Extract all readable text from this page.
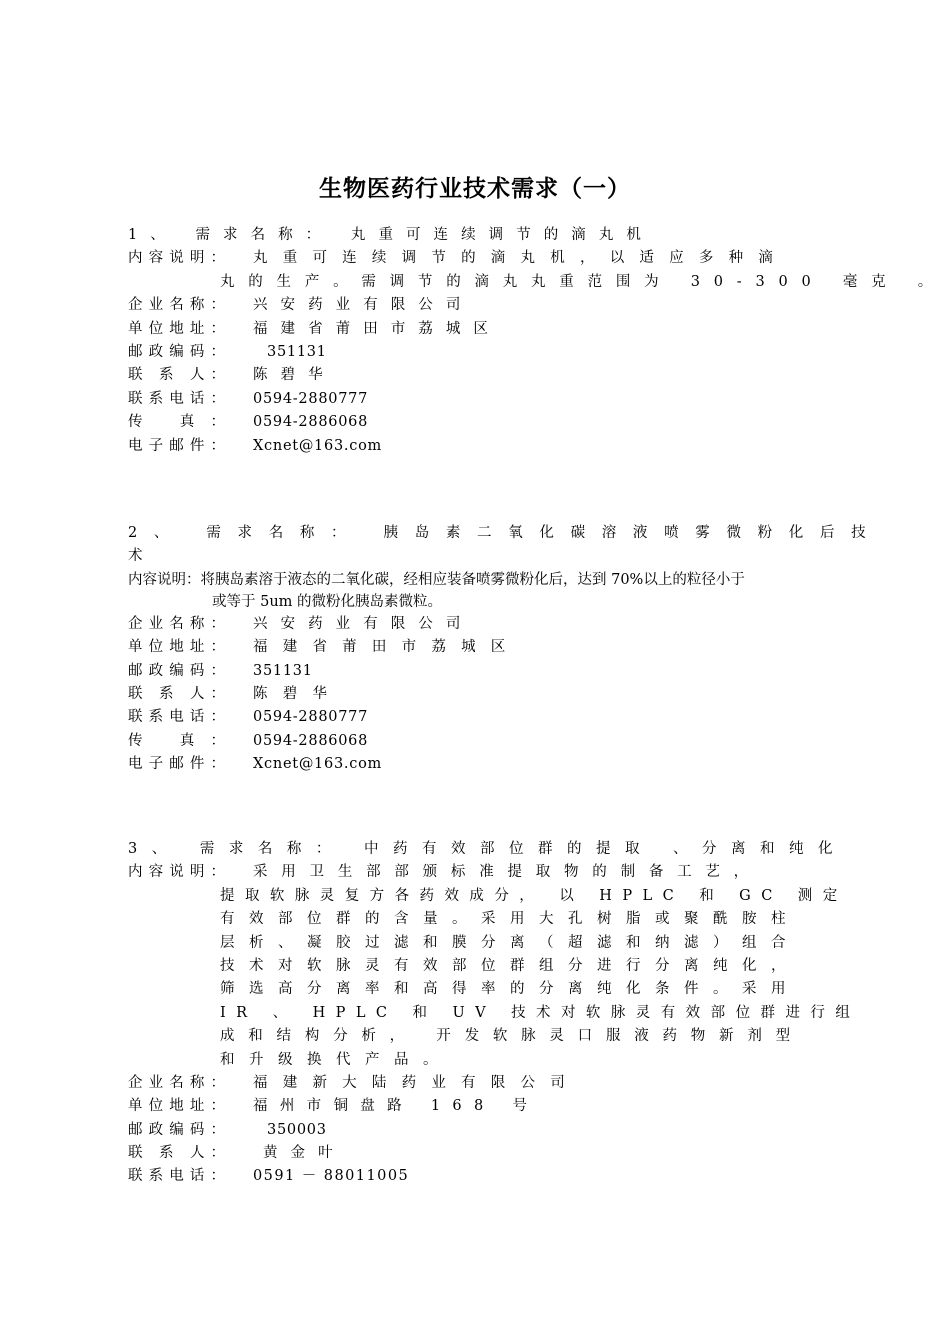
生物医药行业技术需求（一）
1、 需求名称： 丸重可连续调节的滴丸机
内容说明：	丸重可连续调节的滴丸机，以适应多种滴
丸的生产。需调节的滴丸丸重范围为 30-300 毫克 。
企业名称：	兴安药业有限公司
单位地址：	福建省莆田市荔城区
邮政编码：	351131
联 系 人：	陈碧华
联系电话：	0594-2880777
传 真：	0594-2886068
电子邮件：	Xcnet@163.com
2、 需求名称： 胰岛素二氧化碳溶液喷雾微粉化后技
术
内容说明：将胰岛素溶于液态的二氧化碳，经相应装备喷雾微粉化后，达到 70%以上的粒径小于
或等于 5um 的微粉化胰岛素微粒。
企业名称：	兴安药业有限公司
单位地址：	福建省莆田市荔城区
邮政编码：	351131
联 系 人：	陈碧华
联系电话：	0594-2880777
传 真：	0594-2886068
电子邮件：	Xcnet@163.com
3、 需求名称： 中药有效部位群的提取 、分离和纯化
内容说明：	采用卫生部部颁标准提取物的制备工艺，
提取软脉灵复方各药效成分， 以 HPLC 和 GC 测定
有效部位群的含量。采用大孔树脂或聚酰胺柱
层析、凝胶过滤和膜分离（超滤和纳滤）组合
技术对软脉灵有效部位群组分进行分离纯化，
筛选高分离率和高得率的分离纯化条件。采用
IR 、 HPLC 和 UV 技术对软脉灵有效部位群进行组
成和结构分析， 开发软脉灵口服液药物新剂型
和升级换代产品。
企业名称：	福建新大陆药业有限公司
单位地址：	福州市铜盘路 168 号
邮政编码：	350003
联 系 人：	黄金叶
联系电话：	0591 － 88011005
